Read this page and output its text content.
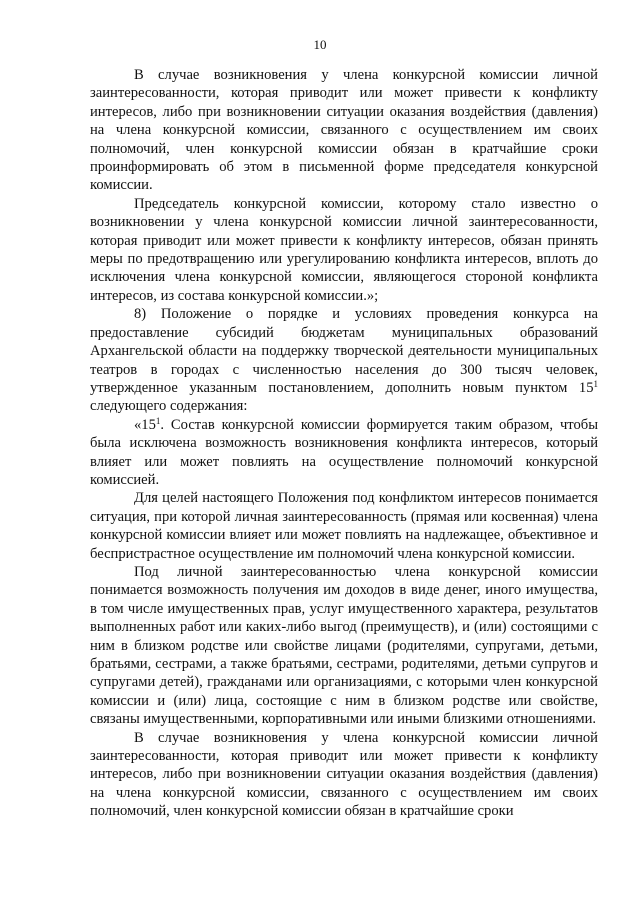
10

В случае возникновения у члена конкурсной комиссии личной заинтересованности, которая приводит или может привести к конфликту интересов, либо при возникновении ситуации оказания воздействия (давления) на члена конкурсной комиссии, связанного с осуществлением им своих полномочий, член конкурсной комиссии обязан в кратчайшие сроки проинформировать об этом в письменной форме председателя конкурсной комиссии.

Председатель конкурсной комиссии, которому стало известно о возникновении у члена конкурсной комиссии личной заинтересованности, которая приводит или может привести к конфликту интересов, обязан принять меры по предотвращению или урегулированию конфликта интересов, вплоть до исключения члена конкурсной комиссии, являющегося стороной конфликта интересов, из состава конкурсной комиссии.»;

8) Положение о порядке и условиях проведения конкурса на предоставление субсидий бюджетам муниципальных образований Архангельской области на поддержку творческой деятельности муниципальных театров в городах с численностью населения до 300 тысяч человек, утвержденное указанным постановлением, дополнить новым пунктом $15^1$ следующего содержания:

«$15^1$. Состав конкурсной комиссии формируется таким образом, чтобы была исключена возможность возникновения конфликта интересов, который влияет или может повлиять на осуществление полномочий конкурсной комиссией.

Для целей настоящего Положения под конфликтом интересов понимается ситуация, при которой личная заинтересованность (прямая или косвенная) члена конкурсной комиссии влияет или может повлиять на надлежащее, объективное и беспристрастное осуществление им полномочий члена конкурсной комиссии.

Под личной заинтересованностью члена конкурсной комиссии понимается возможность получения им доходов в виде денег, иного имущества, в том числе имущественных прав, услуг имущественного характера, результатов выполненных работ или каких-либо выгод (преимуществ), и (или) состоящими с ним в близком родстве или свойстве лицами (родителями, супругами, детьми, братьями, сестрами, а также братьями, сестрами, родителями, детьми супругов и супругами детей), гражданами или организациями, с которыми член конкурсной комиссии и (или) лица, состоящие с ним в близком родстве или свойстве, связаны имущественными, корпоративными или иными близкими отношениями.

В случае возникновения у члена конкурсной комиссии личной заинтересованности, которая приводит или может привести к конфликту интересов, либо при возникновении ситуации оказания воздействия (давления) на члена конкурсной комиссии, связанного с осуществлением им своих полномочий, член конкурсной комиссии обязан в кратчайшие сроки
